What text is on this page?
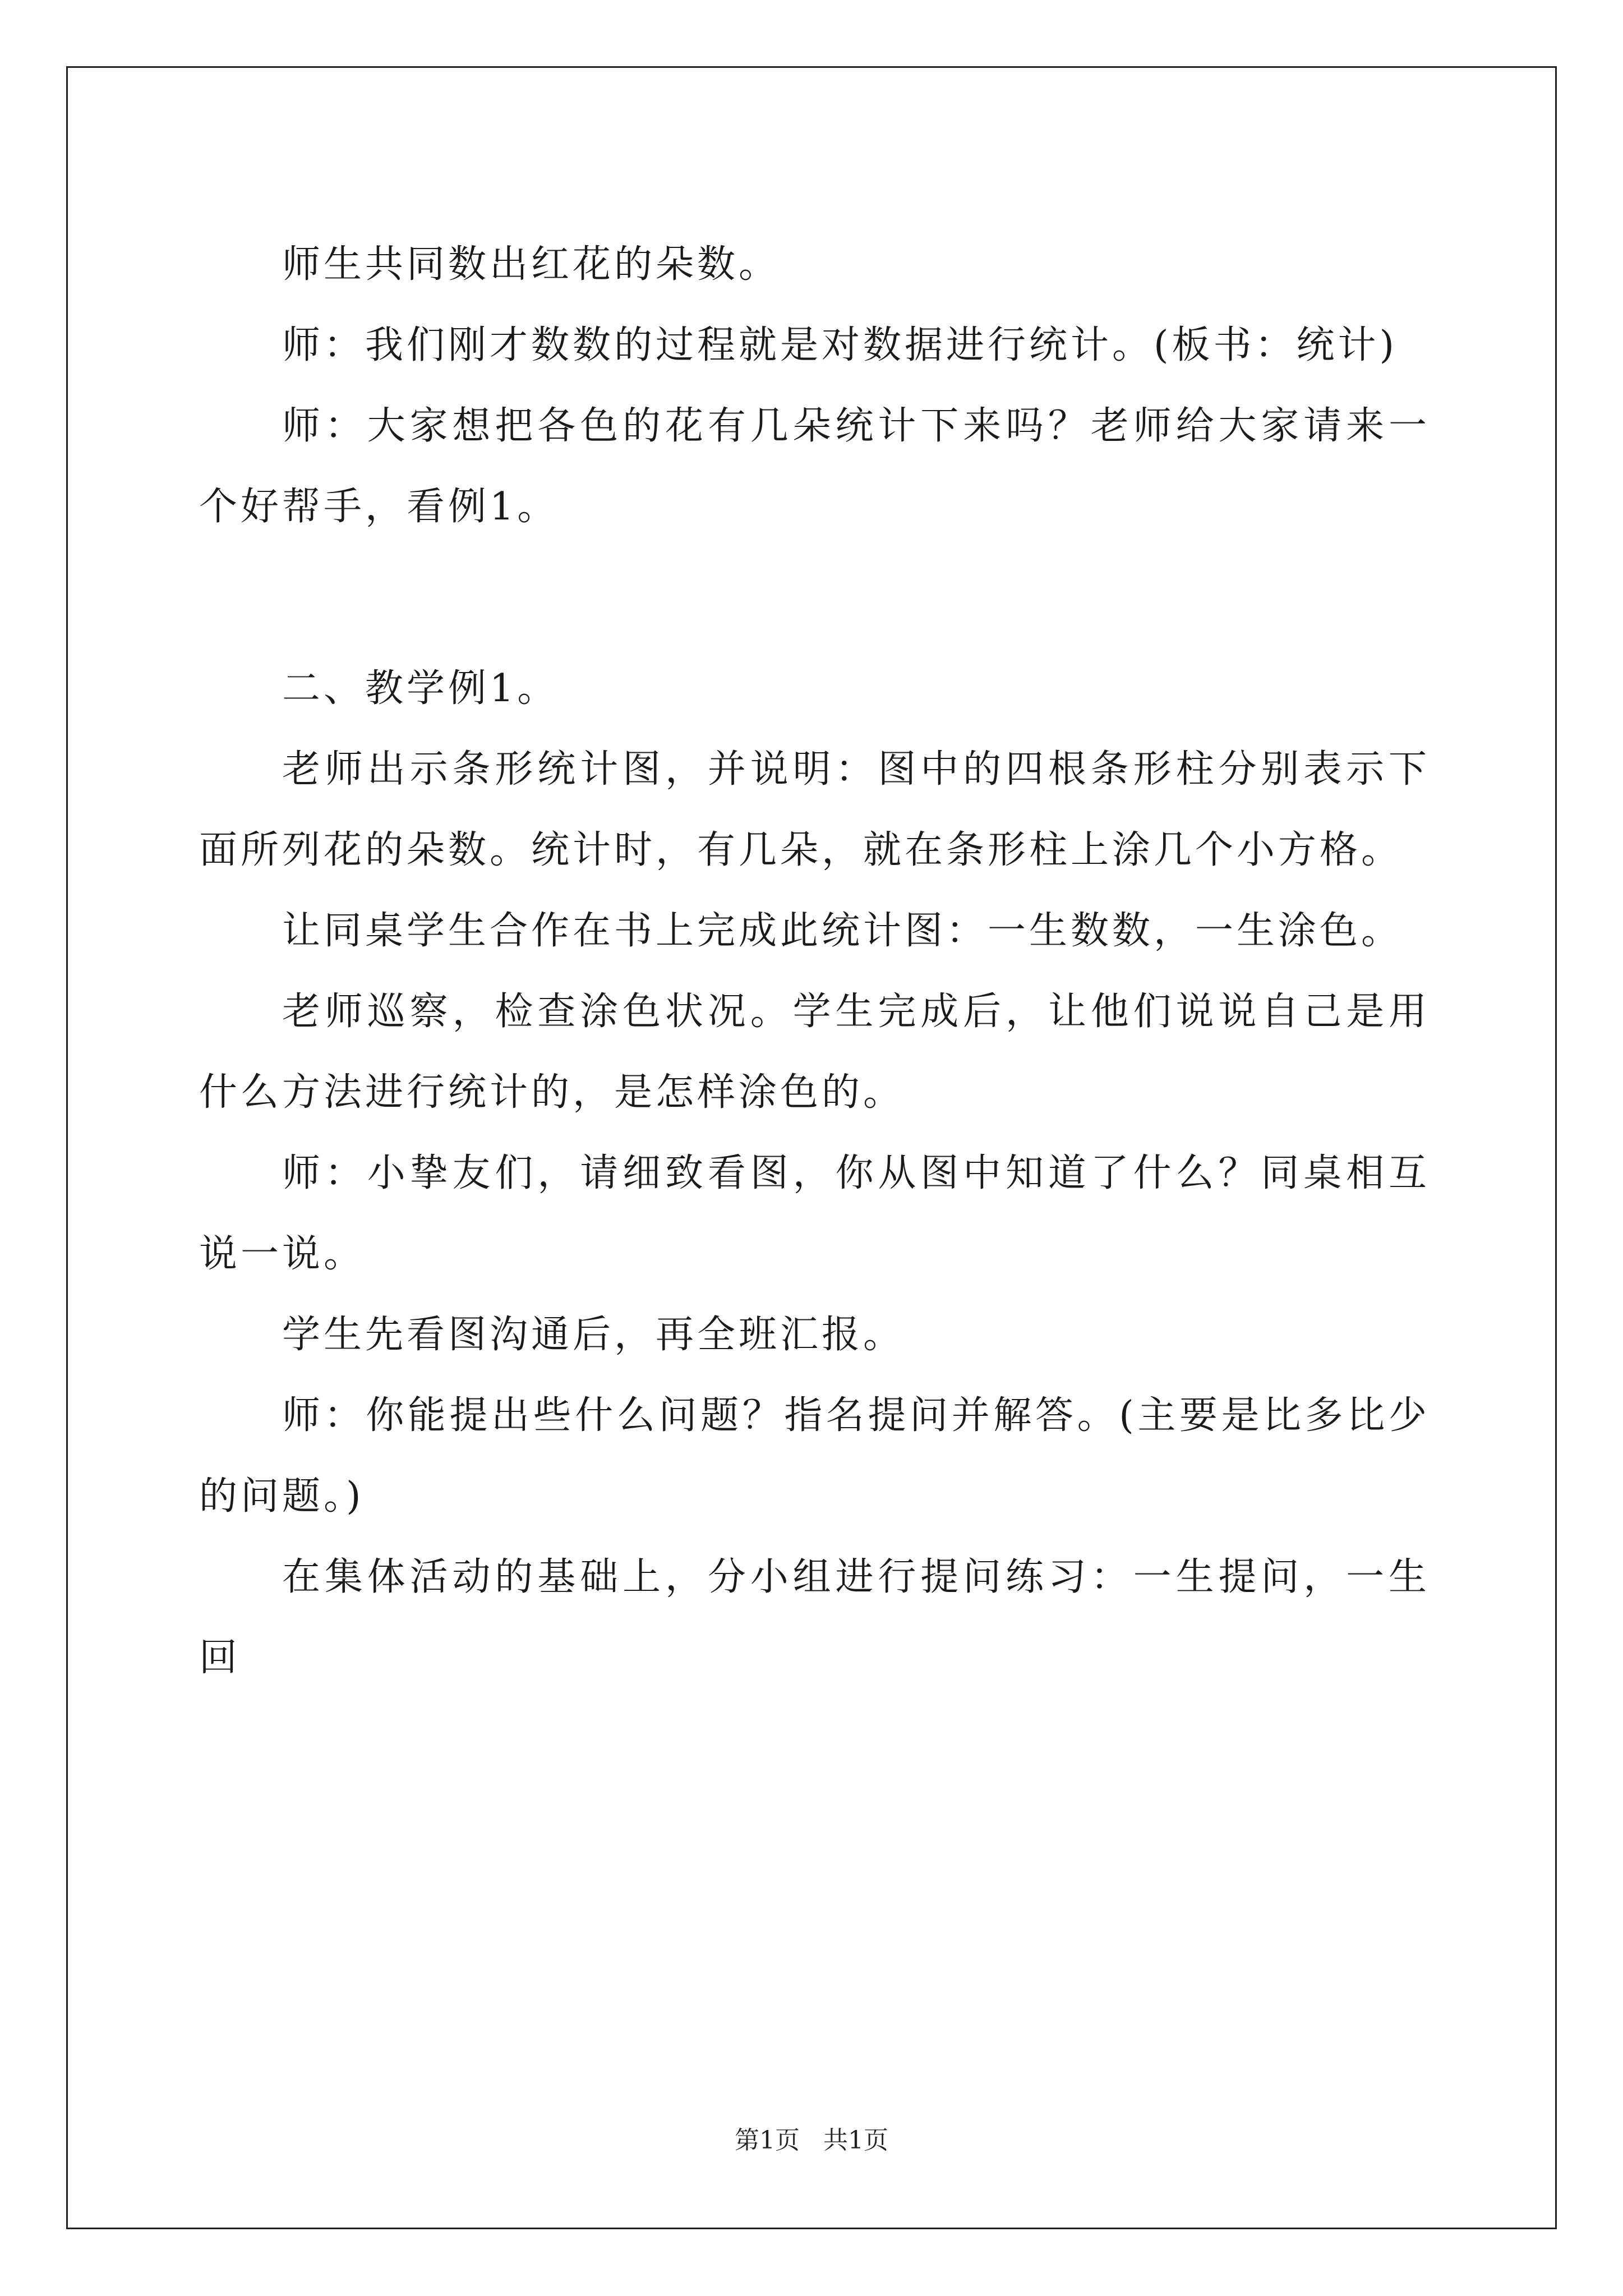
师生共同数出红花的朵数。

师：我们刚才数数的过程就是对数据进行统计。(板书：统计)

师：大家想把各色的花有几朵统计下来吗？老师给大家请来一个好帮手，看例1。

二、教学例1。

老师出示条形统计图，并说明：图中的四根条形柱分别表示下面所列花的朵数。统计时，有几朵，就在条形柱上涂几个小方格。

让同桌学生合作在书上完成此统计图：一生数数，一生涂色。

老师巡察，检查涂色状况。学生完成后，让他们说说自己是用什么方法进行统计的，是怎样涂色的。

师：小挚友们，请细致看图，你从图中知道了什么？同桌相互说一说。

学生先看图沟通后，再全班汇报。

师：你能提出些什么问题？指名提问并解答。(主要是比多比少的问题。)

在集体活动的基础上，分小组进行提问练习：一生提问，一生回

第1页 共1页
